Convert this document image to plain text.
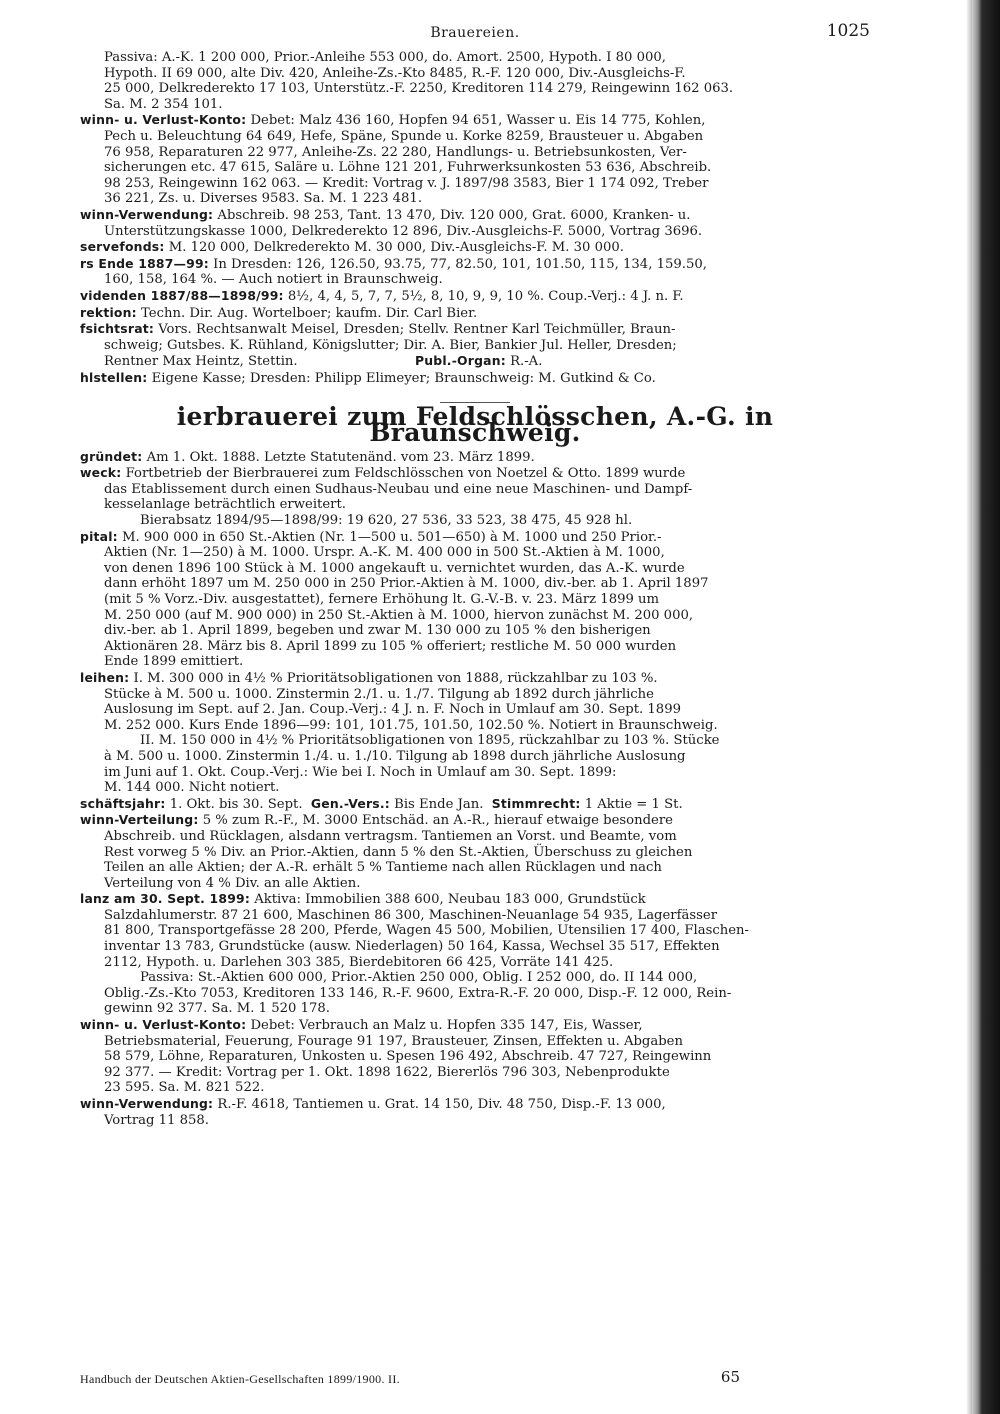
Brauereien.	1025
Passiva: A.-K. 1 200 000, Prior.-Anleihe 553 000, do. Amort. 2500, Hypoth. I 80 000,
Hypoth. II 69 000, alte Div. 420, Anleihe-Zs.-Kto 8485, R.-F. 120 000, Div.-Ausgleichs-F.
25 000, Delkrederekto 17 103, Unterstütz.-F. 2250, Kreditoren 114 279, Reingewinn 162 063.
Sa. M. 2 354 101.
winn- u. Verlust-Konto: Debet: Malz 436 160, Hopfen 94 651, Wasser u. Eis 14 775, Kohlen,
Pech u. Beleuchtung 64 649, Hefe, Späne, Spunde u. Korke 8259, Brausteuer u. Abgaben
76 958, Reparaturen 22 977, Anleihe-Zs. 22 280, Handlungs- u. Betriebsunkosten, Ver-
sicherungen etc. 47 615, Saläre u. Löhne 121 201, Fuhrwerksunkosten 53 636, Abschreib.
98 253, Reingewinn 162 063. — Kredit: Vortrag v. J. 1897/98 3583, Bier 1 174 092, Treber
36 221, Zs. u. Diverses 9583. Sa. M. 1 223 481.
winn-Verwendung: Abschreib. 98 253, Tant. 13 470, Div. 120 000, Grat. 6000, Kranken- u.
Unterstützungskasse 1000, Delkrederekto 12 896, Div.-Ausgleichs-F. 5000, Vortrag 3696.
servefonds: M. 120 000, Delkrederekto M. 30 000, Div.-Ausgleichs-F. M. 30 000.
rs Ende 1887—99: In Dresden: 126, 126.50, 93.75, 77, 82.50, 101, 101.50, 115, 134, 159.50,
160, 158, 164 %. — Auch notiert in Braunschweig.
videnden 1887/88—1898/99: 8½, 4, 4, 5, 7, 7, 5½, 8, 10, 9, 9, 10 %. Coup.-Verj.: 4 J. n. F.
rektion: Techn. Dir. Aug. Wortelboer; kaufm. Dir. Carl Bier.
fsichtsrat: Vors. Rechtsanwalt Meisel, Dresden; Stellv. Rentner Karl Teichmüller, Braun-
schweig; Gutsbes. K. Rühland, Königslutter; Dir. A. Bier, Bankier Jul. Heller, Dresden;
Rentner Max Heintz, Stettin.	Publ.-Organ: R.-A.
hlstellen: Eigene Kasse; Dresden: Philipp Elimeyer; Braunschweig: M. Gutkind & Co.
ierbrauerei zum Feldschlösschen, A.-G. in Braunschweig.
gründet: Am 1. Okt. 1888. Letzte Statutenänd. vom 23. März 1899.
weck: Fortbetrieb der Bierbrauerei zum Feldschlösschen von Noetzel & Otto. 1899 wurde
das Etablissement durch einen Sudhaus-Neubau und eine neue Maschinen- und Dampf-
kesselanlage beträchtlich erweitert.
Bierabsatz 1894/95—1898/99: 19 620, 27 536, 33 523, 38 475, 45 928 hl.
pital: M. 900 000 in 650 St.-Aktien (Nr. 1—500 u. 501—650) à M. 1000 und 250 Prior.-
Aktien (Nr. 1—250) à M. 1000. Urspr. A.-K. M. 400 000 in 500 St.-Aktien à M. 1000,
von denen 1896 100 Stück à M. 1000 angekauft u. vernichtet wurden, das A.-K. wurde
dann erhöht 1897 um M. 250 000 in 250 Prior.-Aktien à M. 1000, div.-ber. ab 1. April 1897
(mit 5 % Vorz.-Div. ausgestattet), fernere Erhöhung lt. G.-V.-B. v. 23. März 1899 um
M. 250 000 (auf M. 900 000) in 250 St.-Aktien à M. 1000, hiervon zunächst M. 200 000,
div.-ber. ab 1. April 1899, begeben und zwar M. 130 000 zu 105 % den bisherigen
Aktionären 28. März bis 8. April 1899 zu 105 % offeriert; restliche M. 50 000 wurden
Ende 1899 emittiert.
leihen: I. M. 300 000 in 4½ % Prioritätsobligationen von 1888, rückzahlbar zu 103 %.
Stücke à M. 500 u. 1000. Zinstermin 2./1. u. 1./7. Tilgung ab 1892 durch jährliche
Auslosung im Sept. auf 2. Jan. Coup.-Verj.: 4 J. n. F. Noch in Umlauf am 30. Sept. 1899
M. 252 000. Kurs Ende 1896—99: 101, 101.75, 101.50, 102.50 %. Notiert in Braunschweig.
II. M. 150 000 in 4½ % Prioritätsobligationen von 1895, rückzahlbar zu 103 %. Stücke
à M. 500 u. 1000. Zinstermin 1./4. u. 1./10. Tilgung ab 1898 durch jährliche Auslosung
im Juni auf 1. Okt. Coup.-Verj.: Wie bei I. Noch in Umlauf am 30. Sept. 1899:
M. 144 000. Nicht notiert.
schäftsjahr: 1. Okt. bis 30. Sept. Gen.-Vers.: Bis Ende Jan. Stimmrecht: 1 Aktie = 1 St.
winn-Verteilung: 5 % zum R.-F., M. 3000 Entschäd. an A.-R., hierauf etwaige besondere
Abschreib. und Rücklagen, alsdann vertragsm. Tantiemen an Vorst. und Beamte, vom
Rest vorweg 5 % Div. an Prior.-Aktien, dann 5 % den St.-Aktien, Überschuss zu gleichen
Teilen an alle Aktien; der A.-R. erhält 5 % Tantieme nach allen Rücklagen und nach
Verteilung von 4 % Div. an alle Aktien.
lanz am 30. Sept. 1899: Aktiva: Immobilien 388 600, Neubau 183 000, Grundstück
Salzdahlumerstr. 87 21 600, Maschinen 86 300, Maschinen-Neuanlage 54 935, Lagerfässer
81 800, Transportgefässe 28 200, Pferde, Wagen 45 500, Mobilien, Utensilien 17 400, Flaschen-
inventar 13 783, Grundstücke (ausw. Niederlagen) 50 164, Kassa, Wechsel 35 517, Effekten
2112, Hypoth. u. Darlehen 303 385, Bierdebitoren 66 425, Vorräte 141 425.
Passiva: St.-Aktien 600 000, Prior.-Aktien 250 000, Oblig. I 252 000, do. II 144 000,
Oblig.-Zs.-Kto 7053, Kreditoren 133 146, R.-F. 9600, Extra-R.-F. 20 000, Disp.-F. 12 000, Rein-
gewinn 92 377. Sa. M. 1 520 178.
winn- u. Verlust-Konto: Debet: Verbrauch an Malz u. Hopfen 335 147, Eis, Wasser,
Betriebsmaterial, Feuerung, Fourage 91 197, Brausteuer, Zinsen, Effekten u. Abgaben
58 579, Löhne, Reparaturen, Unkosten u. Spesen 196 492, Abschreib. 47 727, Reingewinn
92 377. — Kredit: Vortrag per 1. Okt. 1898 1622, Biererlös 796 303, Nebenprodukte
23 595. Sa. M. 821 522.
winn-Verwendung: R.-F. 4618, Tantiemen u. Grat. 14 150, Div. 48 750, Disp.-F. 13 000,
Vortrag 11 858.
Handbuch der Deutschen Aktien-Gesellschaften 1899/1900. II.	65
